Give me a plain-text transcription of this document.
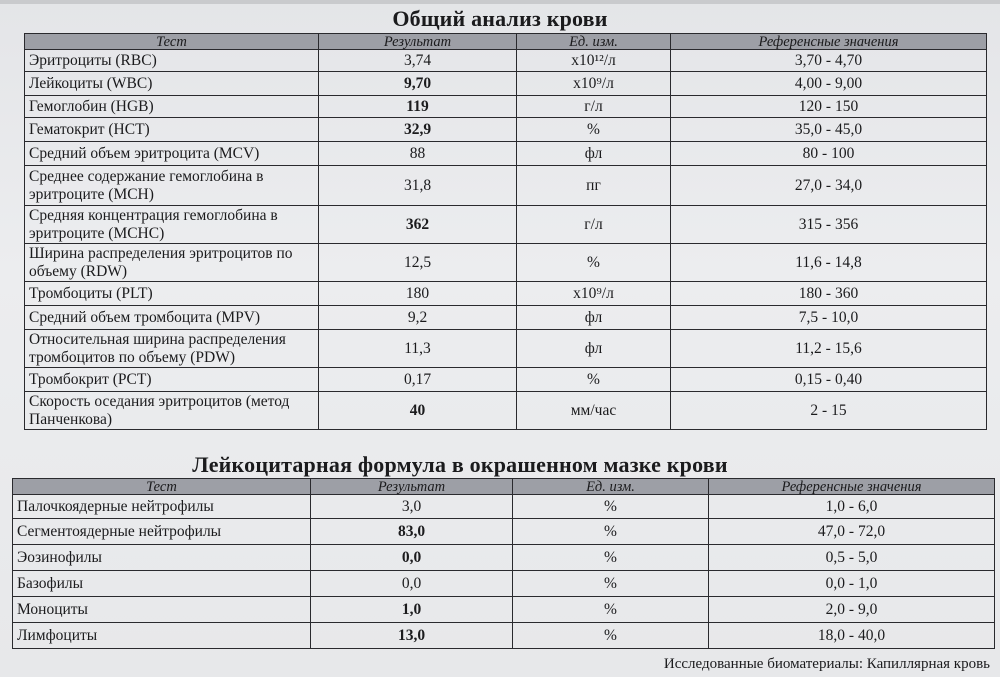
Общий анализ крови
Тест	Результат	Ед. изм.	Референсные значения
Эритроциты (RBC)	3,74	x10¹²/л	3,70 - 4,70
Лейкоциты (WBC)	9,70	x10⁹/л	4,00 - 9,00
Гемоглобин (HGB)	119	г/л	120 - 150
Гематокрит (HCT)	32,9	%	35,0 - 45,0
Средний объем эритроцита (MCV)	88	фл	80 - 100
Среднее содержание гемоглобина в эритроците (MCH)	31,8	пг	27,0 - 34,0
Средняя концентрация гемоглобина в эритроците (MCHC)	362	г/л	315 - 356
Ширина распределения эритроцитов по объему (RDW)	12,5	%	11,6 - 14,8
Тромбоциты (PLT)	180	x10⁹/л	180 - 360
Средний объем тромбоцита (MPV)	9,2	фл	7,5 - 10,0
Относительная ширина распределения тромбоцитов по объему (PDW)	11,3	фл	11,2 - 15,6
Тромбокрит (PCT)	0,17	%	0,15 - 0,40
Скорость оседания эритроцитов (метод Панченкова)	40	мм/час	2 - 15
Лейкоцитарная формула в окрашенном мазке крови
Тест	Результат	Ед. изм.	Референсные значения
Палочкоядерные нейтрофилы	3,0	%	1,0 - 6,0
Сегментоядерные нейтрофилы	83,0	%	47,0 - 72,0
Эозинофилы	0,0	%	0,5 - 5,0
Базофилы	0,0	%	0,0 - 1,0
Моноциты	1,0	%	2,0 - 9,0
Лимфоциты	13,0	%	18,0 - 40,0
Исследованные биоматериалы: Капиллярная кровь
